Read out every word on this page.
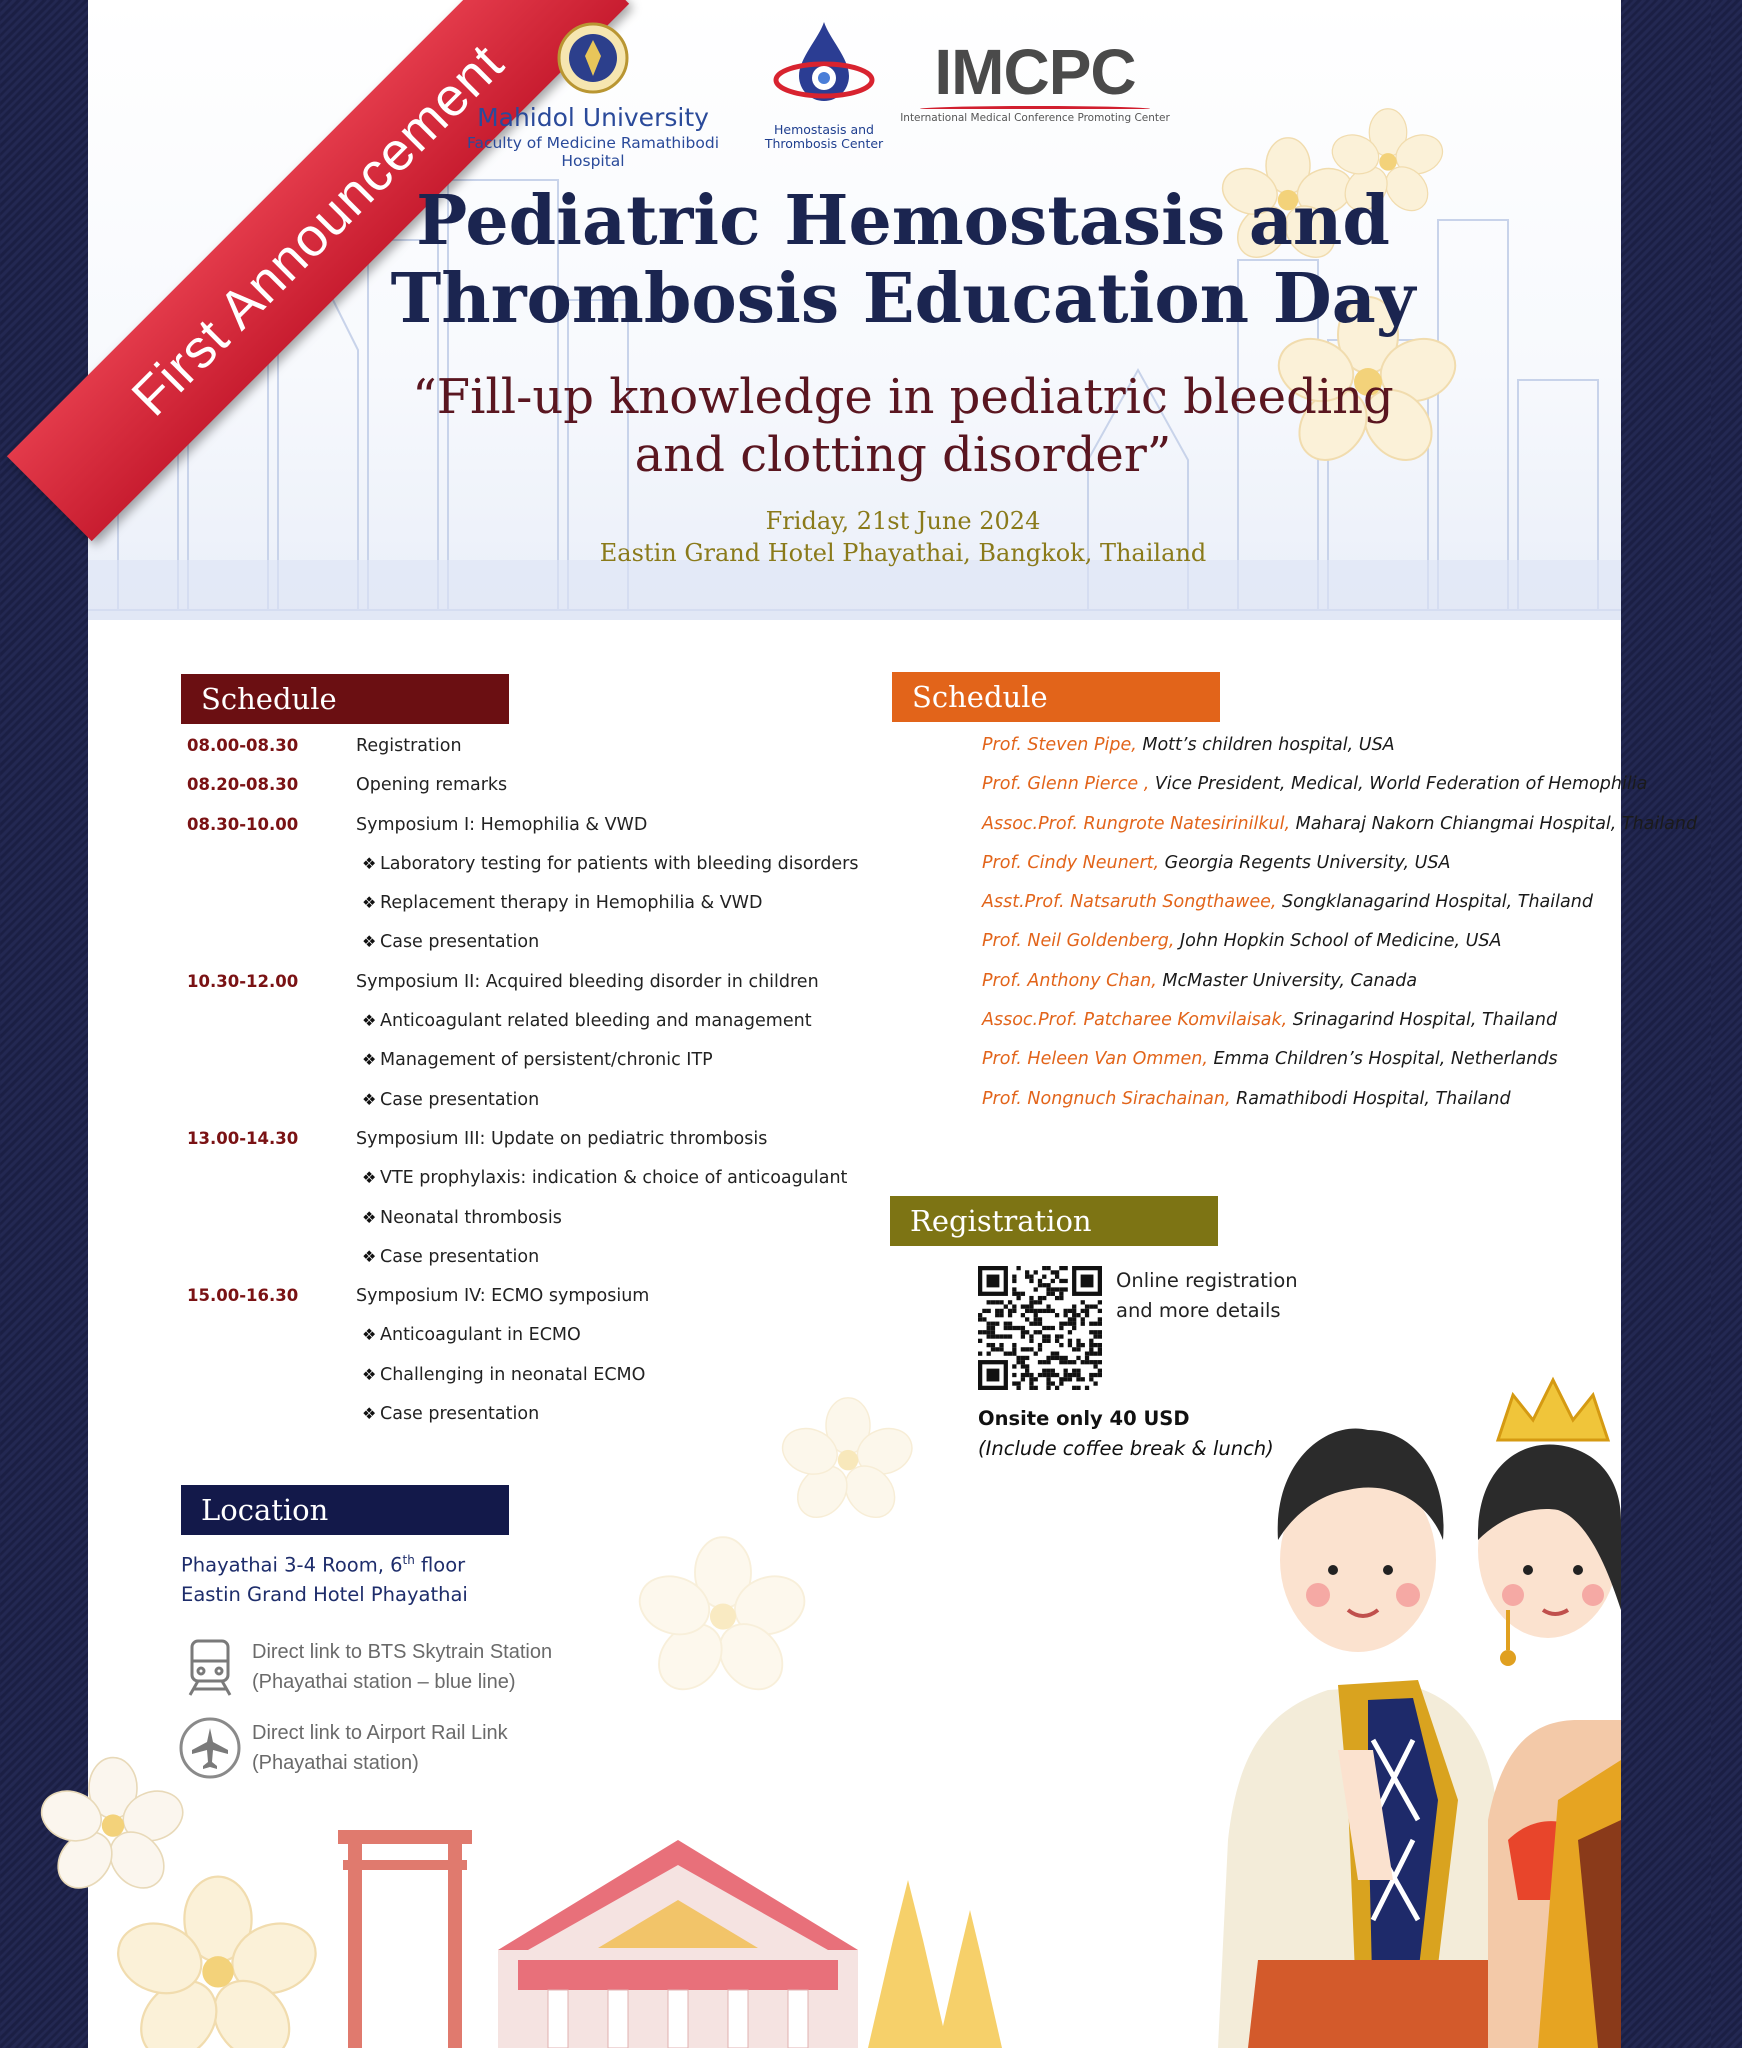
First Announcement
Mahidol University
Faculty of Medicine Ramathibodi Hospital
Hemostasis and
Thrombosis Center
IMCPC
International Medical Conference Promoting Center
Pediatric Hemostasis and
Thrombosis Education Day
“Fill-up knowledge in pediatric bleeding
and clotting disorder”
Friday, 21st June 2024
Eastin Grand Hotel Phayathai, Bangkok, Thailand
Schedule	Schedule
Registration
Location
08.00-08.30	Registration
08.20-08.30	Opening remarks
08.30-10.00	Symposium I: Hemophilia & VWD
❖ Laboratory testing for patients with bleeding disorders
❖ Replacement therapy in Hemophilia & VWD
❖ Case presentation
10.30-12.00	Symposium II: Acquired bleeding disorder in children
❖ Anticoagulant related bleeding and management
❖ Management of persistent/chronic ITP
❖ Case presentation
13.00-14.30	Symposium III: Update on pediatric thrombosis
❖ VTE prophylaxis: indication & choice of anticoagulant
❖ Neonatal thrombosis
❖ Case presentation
15.00-16.30	Symposium IV: ECMO symposium
❖ Anticoagulant in ECMO
❖ Challenging in neonatal ECMO
❖ Case presentation
Prof. Steven Pipe, Mott’s children hospital, USA
Prof. Glenn Pierce , Vice President, Medical, World Federation of Hemophilia
Assoc.Prof. Rungrote Natesirinilkul, Maharaj Nakorn Chiangmai Hospital, Thailand
Prof. Cindy Neunert, Georgia Regents University, USA
Asst.Prof. Natsaruth Songthawee, Songklanagarind Hospital, Thailand
Prof. Neil Goldenberg, John Hopkin School of Medicine, USA
Prof. Anthony Chan, McMaster University, Canada
Assoc.Prof. Patcharee Komvilaisak, Srinagarind Hospital, Thailand
Prof. Heleen Van Ommen, Emma Children’s Hospital, Netherlands
Prof. Nongnuch Sirachainan, Ramathibodi Hospital, Thailand
Online registration
and more details
Onsite only 40 USD
(Include coffee break & lunch)
Phayathai 3-4 Room, 6th floor
Eastin Grand Hotel Phayathai
Direct link to BTS Skytrain Station
(Phayathai station – blue line)
Direct link to Airport Rail Link
(Phayathai station)
